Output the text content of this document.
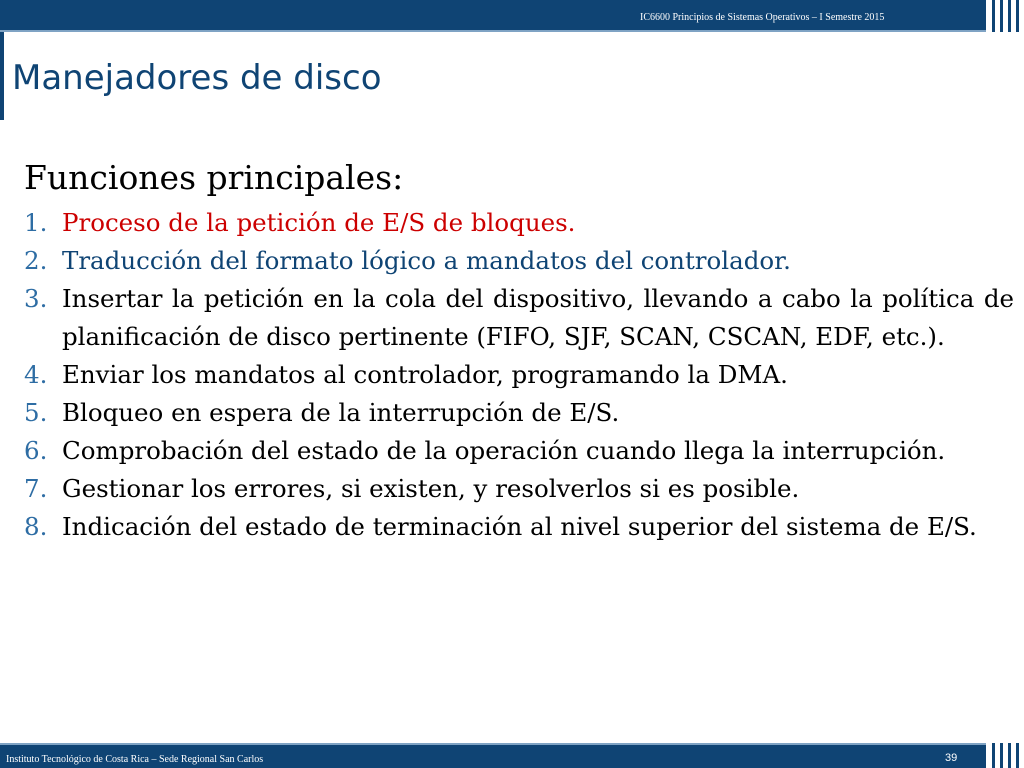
IC6600 Principios de Sistemas Operativos – I Semestre 2015
Manejadores de disco
Funciones principales:
1. Proceso de la petición de E/S de bloques.
2. Traducción del formato lógico a mandatos del controlador.
3. Insertar la petición en la cola del dispositivo, llevando a cabo la política de planificación de disco pertinente (FIFO, SJF, SCAN, CSCAN, EDF, etc.).
4. Enviar los mandatos al controlador, programando la DMA.
5. Bloqueo en espera de la interrupción de E/S.
6. Comprobación del estado de la operación cuando llega la interrupción.
7. Gestionar los errores, si existen, y resolverlos si es posible.
8. Indicación del estado de terminación al nivel superior del sistema de E/S.
Instituto Tecnológico de Costa Rica – Sede Regional San Carlos	39
